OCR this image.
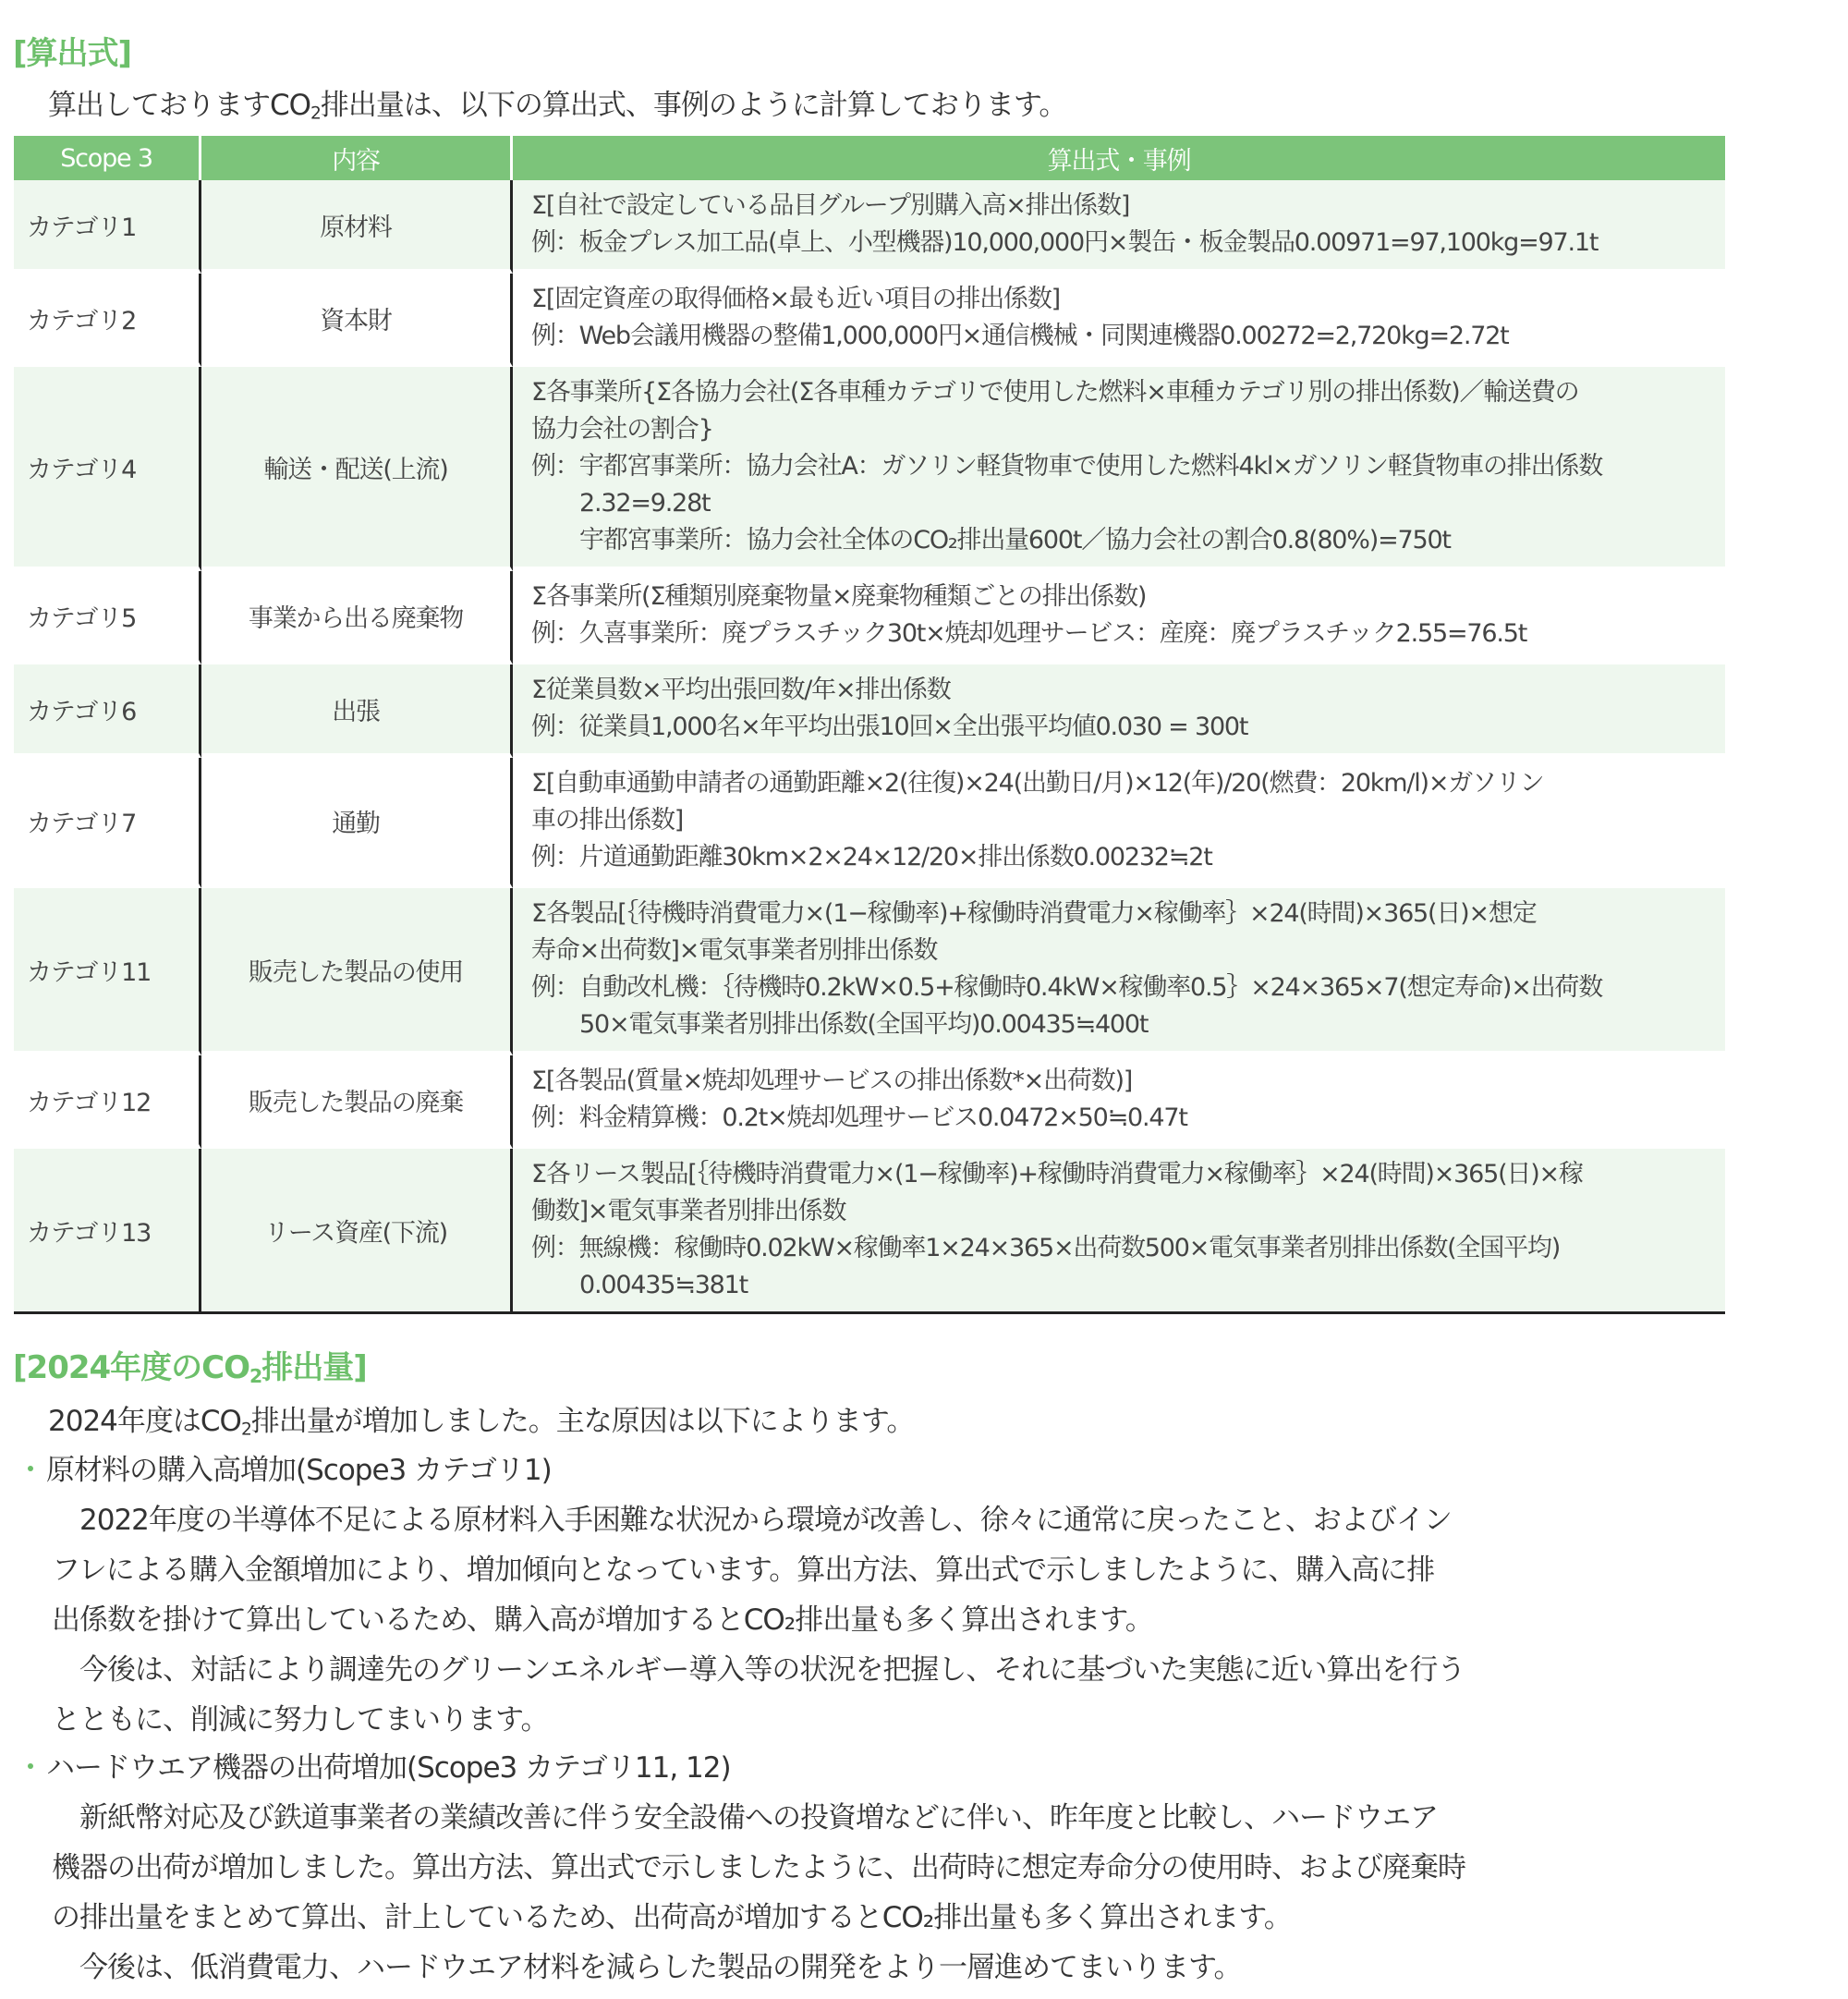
[算出式]
算出しております$CO_2$排出量は、以下の算出式、事例のように計算しております。
Scope 3	内容	算出式・事例
カテゴリ1	原材料	Σ[自社で設定している品目グループ別購入高×排出係数]
例：板金プレス加工品(卓上、小型機器)10,000,000円×製缶・板金製品0.00971=97,100kg=97.1t

カテゴリ2	資本財	Σ[固定資産の取得価格×最も近い項目の排出係数]
例：Web会議用機器の整備1,000,000円×通信機械・同関連機器0.00272=2,720kg=2.72t

カテゴリ4	輸送・配送(上流)	Σ各事業所{Σ各協力会社(Σ各車種カテゴリで使用した燃料×車種カテゴリ別の排出係数)／輸送費の
協力会社の割合}
例：宇都宮事業所：協力会社A：ガソリン軽貨物車で使用した燃料4kl×ガソリン軽貨物車の排出係数
2.32=9.28t
宇都宮事業所：協力会社全体のCO₂排出量600t／協力会社の割合0.8(80%)=750t

カテゴリ5	事業から出る廃棄物	Σ各事業所(Σ種類別廃棄物量×廃棄物種類ごとの排出係数)
例：久喜事業所：廃プラスチック30t×焼却処理サービス：産廃：廃プラスチック2.55=76.5t

カテゴリ6	出張	Σ従業員数×平均出張回数/年×排出係数
例：従業員1,000名×年平均出張10回×全出張平均値0.030 = 300t

カテゴリ7	通勤	Σ[自動車通勤申請者の通勤距離×2(往復)×24(出勤日/月)×12(年)/20(燃費：20km/l)×ガソリン
車の排出係数]
例：片道通勤距離30km×2×24×12/20×排出係数0.00232≒2t

カテゴリ11	販売した製品の使用	Σ各製品[｛待機時消費電力×(1−稼働率)+稼働時消費電力×稼働率｝×24(時間)×365(日)×想定
寿命×出荷数]×電気事業者別排出係数
例：自動改札機：｛待機時0.2kW×0.5+稼働時0.4kW×稼働率0.5｝×24×365×7(想定寿命)×出荷数
50×電気事業者別排出係数(全国平均)0.00435≒400t

カテゴリ12	販売した製品の廃棄	Σ[各製品(質量×焼却処理サービスの排出係数*×出荷数)]
例：料金精算機：0.2t×焼却処理サービス0.0472×50≒0.47t

カテゴリ13	リース資産(下流)	Σ各リース製品[｛待機時消費電力×(1−稼働率)+稼働時消費電力×稼働率｝×24(時間)×365(日)×稼
働数]×電気事業者別排出係数
例：無線機：稼働時0.02kW×稼働率1×24×365×出荷数500×電気事業者別排出係数(全国平均)
0.00435≒381t
[2024年度の$CO_2$排出量]
2024年度は$CO_2$排出量が増加しました。主な原因は以下によります。
原材料の購入高増加(Scope3 カテゴリ1)
　2022年度の半導体不足による原材料入手困難な状況から環境が改善し、徐々に通常に戻ったこと、およびイン
フレによる購入金額増加により、増加傾向となっています。算出方法、算出式で示しましたように、購入高に排
出係数を掛けて算出しているため、購入高が増加するとCO₂排出量も多く算出されます。
　今後は、対話により調達先のグリーンエネルギー導入等の状況を把握し、それに基づいた実態に近い算出を行う
とともに、削減に努力してまいります。
ハードウエア機器の出荷増加(Scope3 カテゴリ11, 12)
　新紙幣対応及び鉄道事業者の業績改善に伴う安全設備への投資増などに伴い、昨年度と比較し、ハードウエア
機器の出荷が増加しました。算出方法、算出式で示しましたように、出荷時に想定寿命分の使用時、および廃棄時
の排出量をまとめて算出、計上しているため、出荷高が増加するとCO₂排出量も多く算出されます。
　今後は、低消費電力、ハードウエア材料を減らした製品の開発をより一層進めてまいります。
